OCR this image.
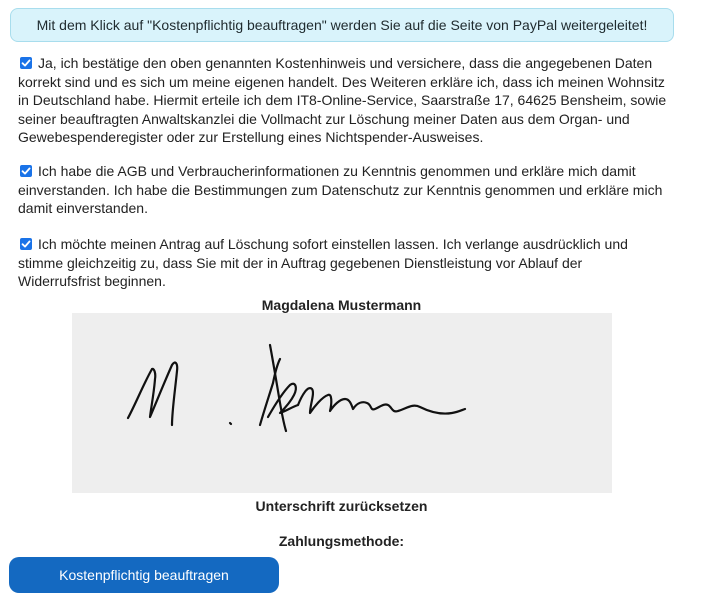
Mit dem Klick auf "Kostenpflichtig beauftragen" werden Sie auf die Seite von PayPal weitergeleitet!
Ja, ich bestätige den oben genannten Kostenhinweis und versichere, dass die angegebenen Daten korrekt sind und es sich um meine eigenen handelt. Des Weiteren erkläre ich, dass ich meinen Wohnsitz in Deutschland habe. Hiermit erteile ich dem IT8-Online-Service, Saarstraße 17, 64625 Bensheim, sowie seiner beauftragten Anwaltskanzlei die Vollmacht zur Löschung meiner Daten aus dem Organ- und Gewebespenderegister oder zur Erstellung eines Nichtspender-Ausweises.
Ich habe die AGB und Verbraucherinformationen zu Kenntnis genommen und erkläre mich damit einverstanden. Ich habe die Bestimmungen zum Datenschutz zur Kenntnis genommen und erkläre mich damit einverstanden.
Ich möchte meinen Antrag auf Löschung sofort einstellen lassen. Ich verlange ausdrücklich und stimme gleichzeitig zu, dass Sie mit der in Auftrag gegebenen Dienstleistung vor Ablauf der Widerrufsfrist beginnen.
Magdalena Mustermann
Unterschrift zurücksetzen
Zahlungsmethode:
Kostenpflichtig beauftragen
